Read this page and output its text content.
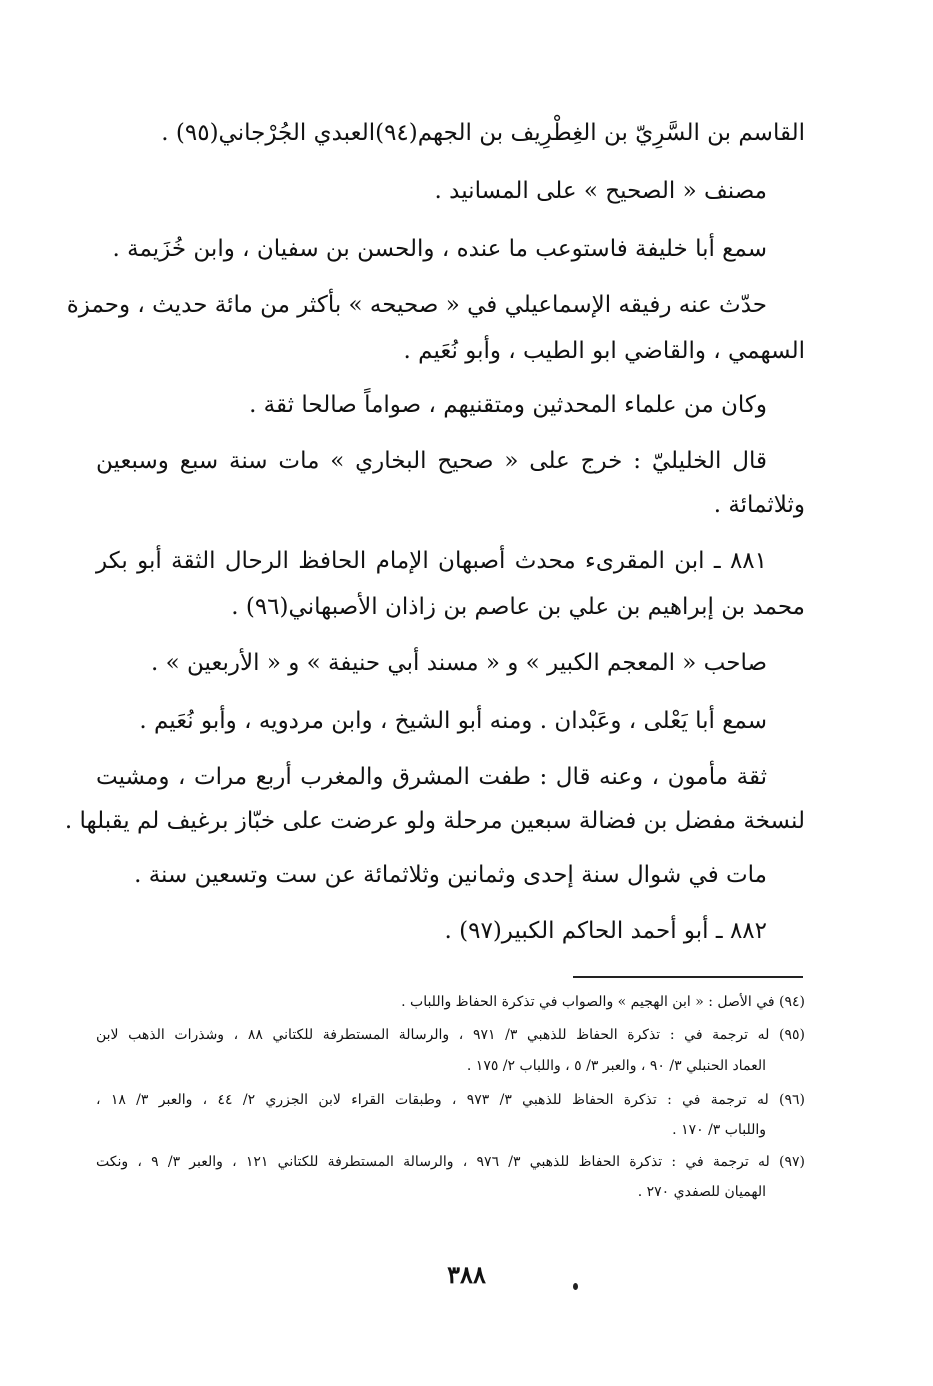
القاسم بن السَّرِيّ بن الغِطْرِيف بن الجهم(٩٤)العبدي الجُرْجاني(٩٥) .
مصنف « الصحيح » على المسانيد .
سمع أبا خليفة فاستوعب ما عنده ، والحسن بن سفيان ، وابن خُزَيمة .
حدّث عنه رفيقه الإسماعيلي في « صحيحه » بأكثر من مائة حديث ، وحمزة
السهمي ، والقاضي ابو الطيب ، وأبو نُعَيم .
وكان من علماء المحدثين ومتقنيهم ، صواماً صالحا ثقة .
قال الخليليّ : خرج على « صحيح البخاري » مات سنة سبع وسبعين
وثلاثمائة .
٨٨١ ـ ابن المقرىء محدث أصبهان الإمام الحافظ الرحال الثقة أبو بكر
محمد بن إبراهيم بن علي بن عاصم بن زاذان الأصبهاني(٩٦) .
صاحب « المعجم الكبير » و « مسند أبي حنيفة » و « الأربعين » .
سمع أبا يَعْلى ، وعَبْدان . ومنه أبو الشيخ ، وابن مردويه ، وأبو نُعَيم .
ثقة مأمون ، وعنه قال : طفت المشرق والمغرب أربع مرات ، ومشيت
لنسخة مفضل بن فضالة سبعين مرحلة ولو عرضت على خبّاز برغيف لم يقبلها .
مات في شوال سنة إحدى وثمانين وثلاثمائة عن ست وتسعين سنة .
٨٨٢ ـ أبو أحمد الحاكم الكبير(٩٧) .
(٩٤) في الأصل : « ابن الهجيم » والصواب في تذكرة الحفاظ واللباب .
(٩٥) له ترجمة في : تذكرة الحفاظ للذهبي ٣/ ٩٧١ ، والرسالة المستطرفة للكتاني ٨٨ ، وشذرات الذهب لابن
العماد الحنبلي ٣/ ٩٠ ، والعبر ٣/ ٥ ، واللباب ٢/ ١٧٥ .
(٩٦) له ترجمة في : تذكرة الحفاظ للذهبي ٣/ ٩٧٣ ، وطبقات القراء لابن الجزري ٢/ ٤٤ ، والعبر ٣/ ١٨ ،
واللباب ٣/ ١٧٠ .
(٩٧) له ترجمة في : تذكرة الحفاظ للذهبي ٣/ ٩٧٦ ، والرسالة المستطرفة للكتاني ١٢١ ، والعبر ٣/ ٩ ، ونكت
الهميان للصفدي ٢٧٠ .
٣٨٨
